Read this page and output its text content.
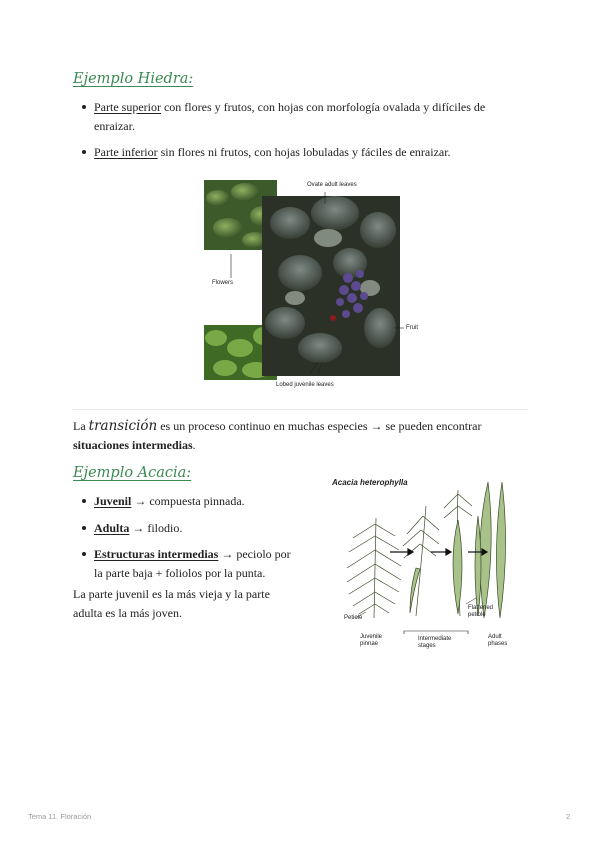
Ejemplo Hiedra:
Parte superior con flores y frutos, con hojas con morfología ovalada y difíciles de enraizar.
Parte inferior sin flores ni frutos, con hojas lobuladas y fáciles de enraizar.
Ovate adult leaves
Flowers
Fruit
Lobed juvenile leaves
La transición es un proceso continuo en muchas especies → se pueden encontrar situaciones intermedias.
Ejemplo Acacia:
Juvenil → compuesta pinnada.
Adulta → filodio.
Estructuras intermedias → peciolo por la parte baja + foliolos por la punta.
La parte juvenil es la más vieja y la parte adulta es la más joven.
Acacia heterophylla
Petiole
Flattened petiole
Juvenile pinnae
Intermediate stages
Adult phases
Tema 11. Floración	2
